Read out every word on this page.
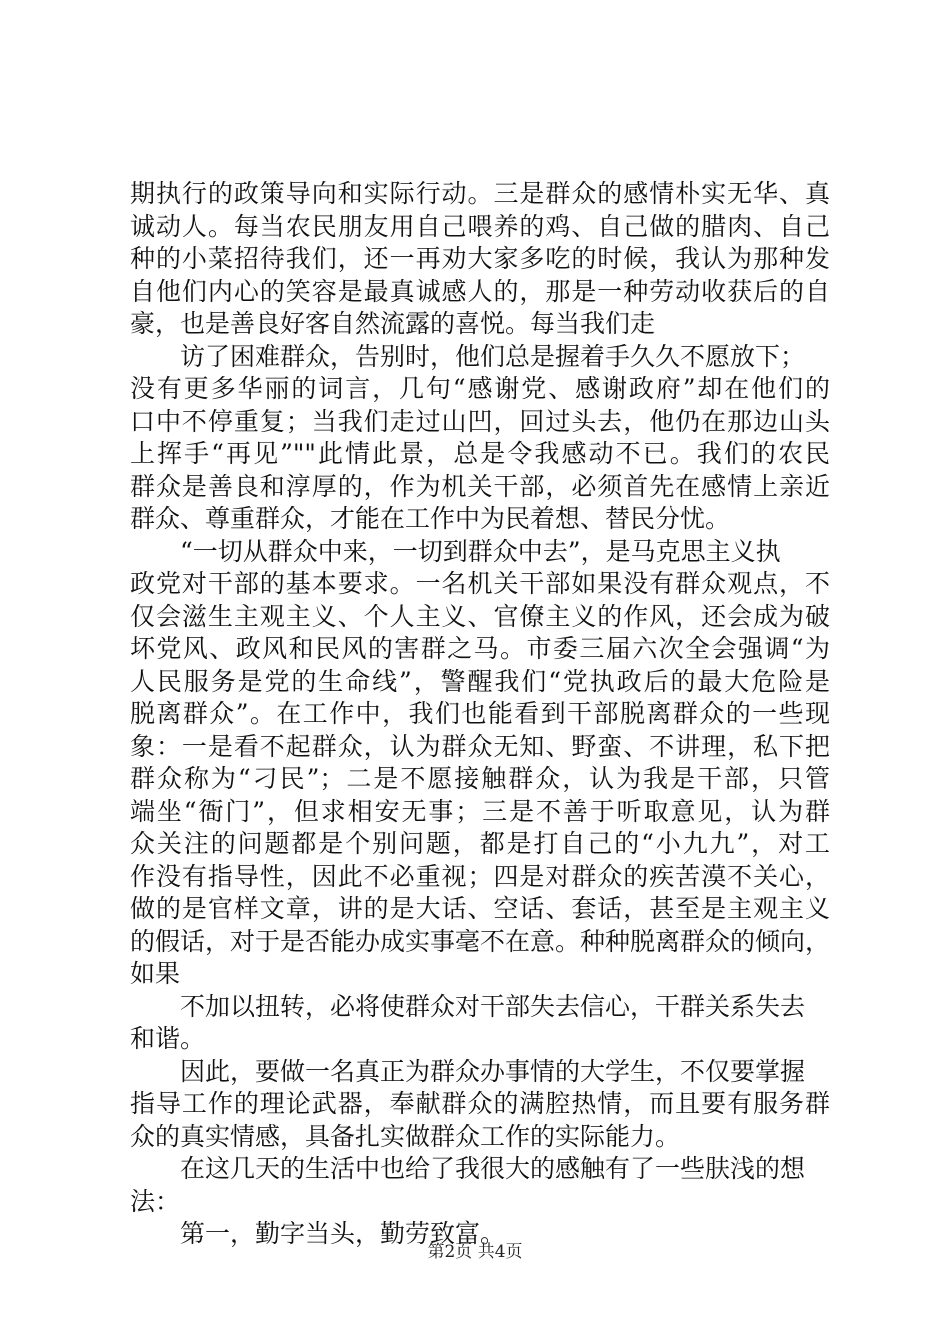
期执行的政策导向和实际行动。三是群众的感情朴实无华、真
诚动人。每当农民朋友用自己喂养的鸡、自己做的腊肉、自己
种的小菜招待我们，还一再劝大家多吃的时候，我认为那种发
自他们内心的笑容是最真诚感人的，那是一种劳动收获后的自
豪，也是善良好客自然流露的喜悦。每当我们走
访了困难群众，告别时，他们总是握着手久久不愿放下；
没有更多华丽的词言，几句“感谢党、感谢政府”却在他们的
口中不停重复；当我们走过山凹，回过头去，他仍在那边山头
上挥手“再见”""此情此景，总是令我感动不已。我们的农民
群众是善良和淳厚的，作为机关干部，必须首先在感情上亲近
群众、尊重群众，才能在工作中为民着想、替民分忧。
“一切从群众中来，一切到群众中去”，是马克思主义执
政党对干部的基本要求。一名机关干部如果没有群众观点，不
仅会滋生主观主义、个人主义、官僚主义的作风，还会成为破
坏党风、政风和民风的害群之马。市委三届六次全会强调“为
人民服务是党的生命线”，警醒我们“党执政后的最大危险是
脱离群众”。在工作中，我们也能看到干部脱离群众的一些现
象：一是看不起群众，认为群众无知、野蛮、不讲理，私下把
群众称为“刁民”；二是不愿接触群众，认为我是干部，只管
端坐“衙门”，但求相安无事；三是不善于听取意见，认为群
众关注的问题都是个别问题，都是打自己的“小九九”，对工
作没有指导性，因此不必重视；四是对群众的疾苦漠不关心，
做的是官样文章，讲的是大话、空话、套话，甚至是主观主义
的假话，对于是否能办成实事毫不在意。种种脱离群众的倾向，
如果
不加以扭转，必将使群众对干部失去信心，干群关系失去
和谐。
因此，要做一名真正为群众办事情的大学生，不仅要掌握
指导工作的理论武器，奉献群众的满腔热情，而且要有服务群
众的真实情感，具备扎实做群众工作的实际能力。
在这几天的生活中也给了我很大的感触有了一些肤浅的想
法：
第一，勤字当头，勤劳致富。
第2页 共4页
